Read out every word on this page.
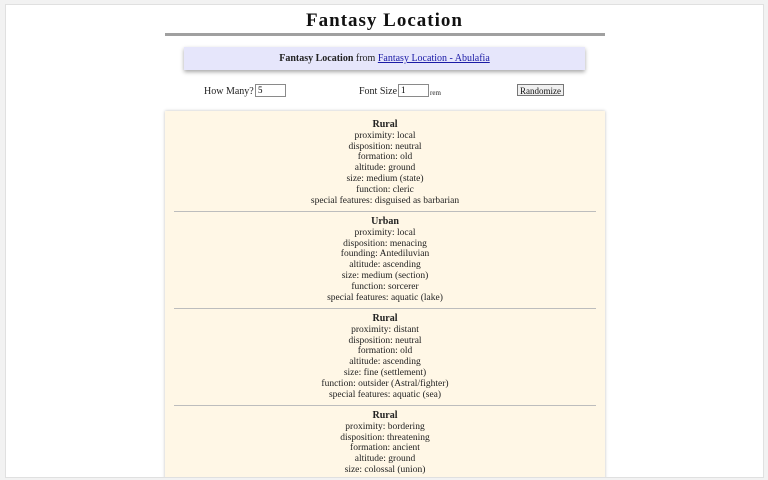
Fantasy Location
Fantasy Location from Fantasy Location - Abulafia
How Many?
5	Font Size
1	rem	Randomize
Rural
proximity: local
disposition: neutral
formation: old
altitude: ground
size: medium (state)
function: cleric
special features: disguised as barbarian
Urban
proximity: local
disposition: menacing
founding: Antediluvian
altitude: ascending
size: medium (section)
function: sorcerer
special features: aquatic (lake)
Rural
proximity: distant
disposition: neutral
formation: old
altitude: ascending
size: fine (settlement)
function: outsider (Astral/fighter)
special features: aquatic (sea)
Rural
proximity: bordering
disposition: threatening
formation: ancient
altitude: ground
size: colossal (union)
